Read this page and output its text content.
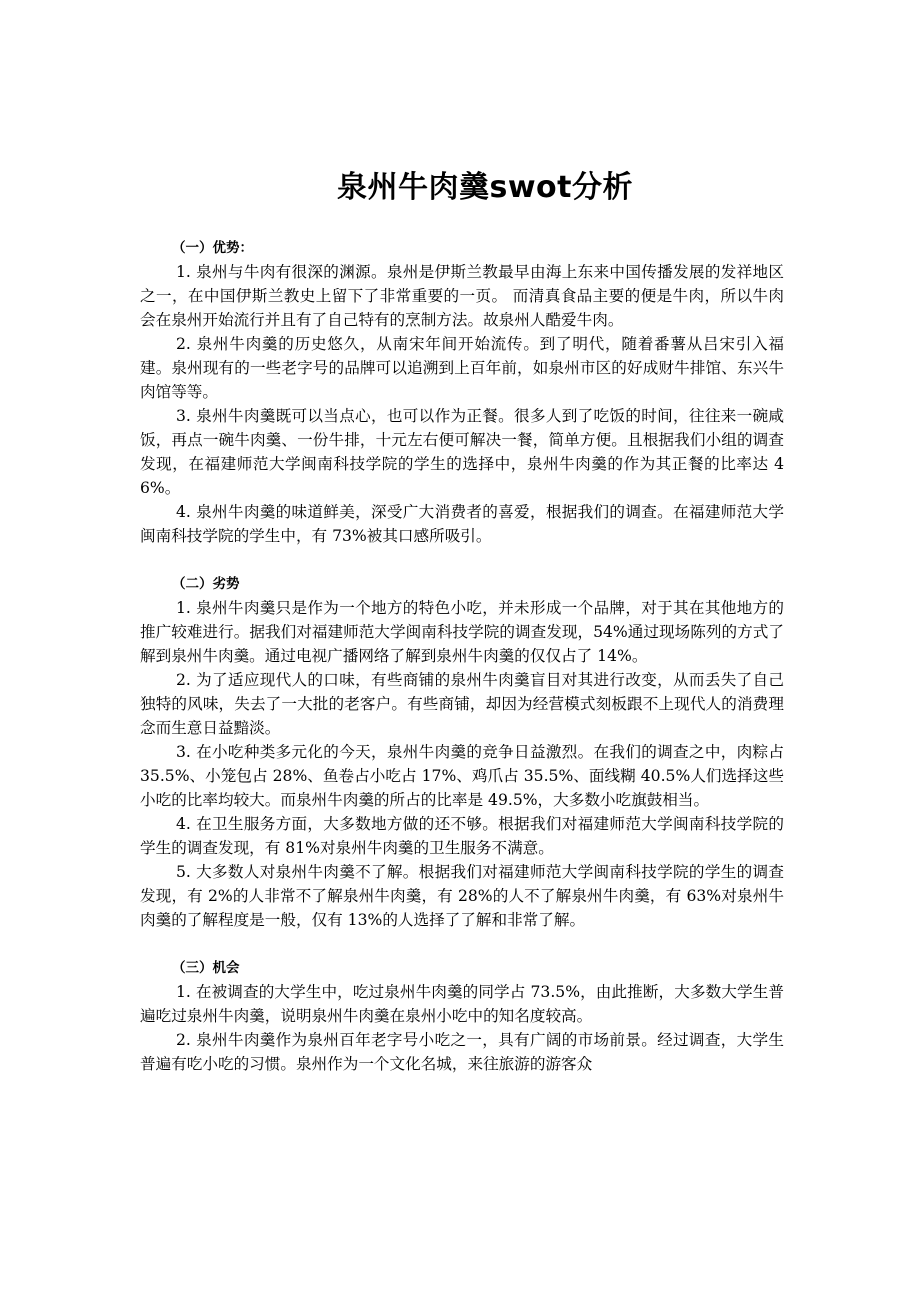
泉州牛肉羹swot分析

（一）优势：

1. 泉州与牛肉有很深的渊源。泉州是伊斯兰教最早由海上东来中国传播发展的发祥地区之一，在中国伊斯兰教史上留下了非常重要的一页。 而清真食品主要的便是牛肉，所以牛肉会在泉州开始流行并且有了自己特有的烹制方法。故泉州人酷爱牛肉。

2. 泉州牛肉羹的历史悠久，从南宋年间开始流传。到了明代，随着番薯从吕宋引入福建。泉州现有的一些老字号的品牌可以追溯到上百年前，如泉州市区的好成财牛排馆、东兴牛肉馆等等。

3. 泉州牛肉羹既可以当点心，也可以作为正餐。很多人到了吃饭的时间，往往来一碗咸饭，再点一碗牛肉羹、一份牛排，十元左右便可解决一餐，简单方便。且根据我们小组的调查发现，在福建师范大学闽南科技学院的学生的选择中，泉州牛肉羹的作为其正餐的比率达 46%。

4. 泉州牛肉羹的味道鲜美，深受广大消费者的喜爱，根据我们的调查。在福建师范大学闽南科技学院的学生中，有 73%被其口感所吸引。

（二）劣势

1. 泉州牛肉羹只是作为一个地方的特色小吃，并未形成一个品牌，对于其在其他地方的推广较难进行。据我们对福建师范大学闽南科技学院的调查发现，54%通过现场陈列的方式了解到泉州牛肉羹。通过电视广播网络了解到泉州牛肉羹的仅仅占了 14%。

2. 为了适应现代人的口味，有些商铺的泉州牛肉羹盲目对其进行改变，从而丢失了自己独特的风味，失去了一大批的老客户。有些商铺，却因为经营模式刻板跟不上现代人的消费理念而生意日益黯淡。

3. 在小吃种类多元化的今天，泉州牛肉羹的竞争日益激烈。在我们的调查之中，肉粽占 35.5%、小笼包占 28%、鱼卷占小吃占 17%、鸡爪占 35.5%、面线糊 40.5%人们选择这些小吃的比率均较大。而泉州牛肉羹的所占的比率是 49.5%，大多数小吃旗鼓相当。

4. 在卫生服务方面，大多数地方做的还不够。根据我们对福建师范大学闽南科技学院的学生的调查发现，有 81%对泉州牛肉羹的卫生服务不满意。

5. 大多数人对泉州牛肉羹不了解。根据我们对福建师范大学闽南科技学院的学生的调查发现，有 2%的人非常不了解泉州牛肉羹，有 28%的人不了解泉州牛肉羹，有 63%对泉州牛肉羹的了解程度是一般，仅有 13%的人选择了了解和非常了解。

（三）机会

1. 在被调查的大学生中，吃过泉州牛肉羹的同学占 73.5%，由此推断，大多数大学生普遍吃过泉州牛肉羹，说明泉州牛肉羹在泉州小吃中的知名度较高。

2. 泉州牛肉羹作为泉州百年老字号小吃之一，具有广阔的市场前景。经过调查，大学生普遍有吃小吃的习惯。泉州作为一个文化名城，来往旅游的游客众
